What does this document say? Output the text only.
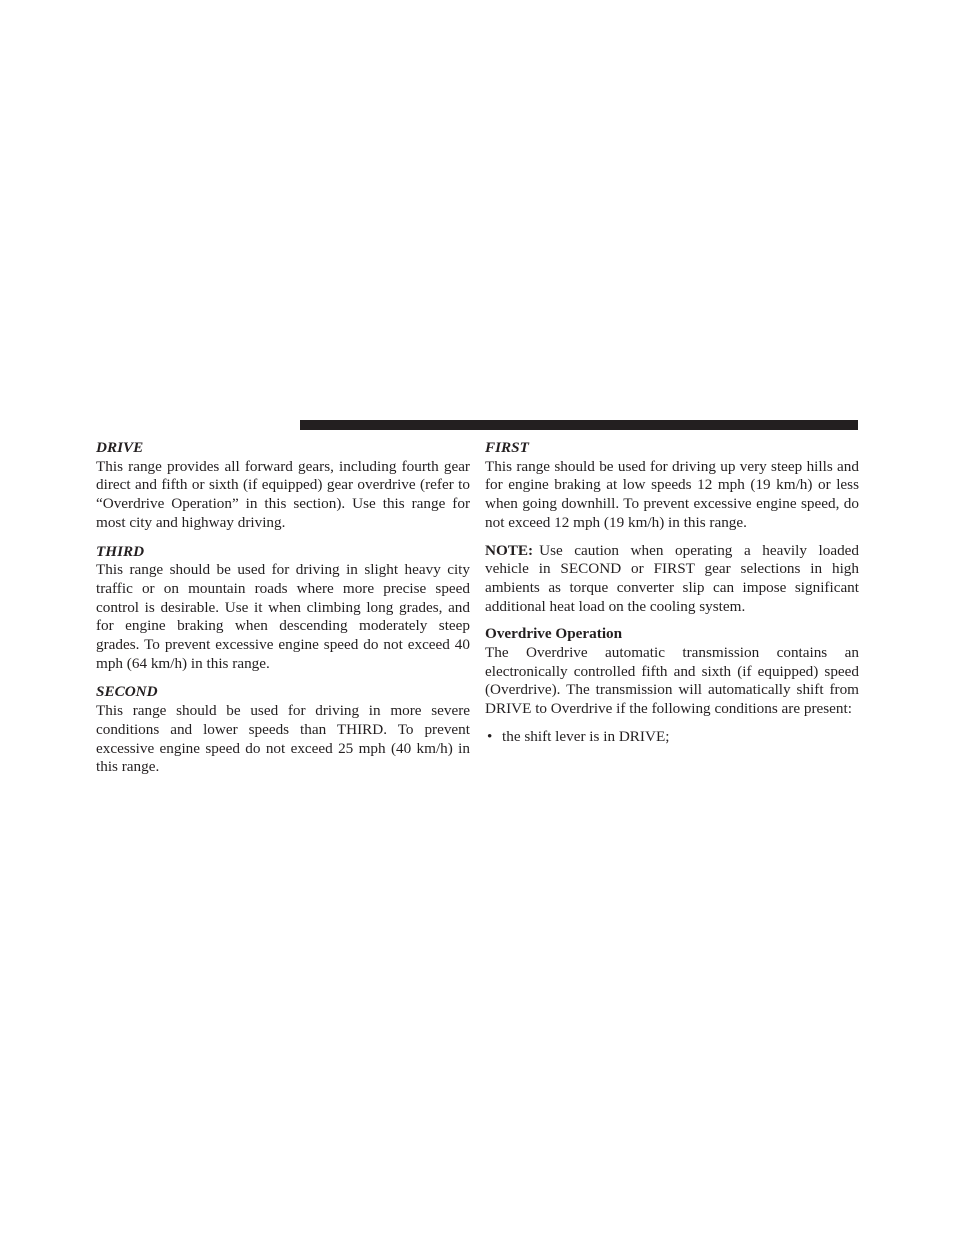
DRIVE

This range provides all forward gears, including fourth gear direct and fifth or sixth (if equipped) gear overdrive (refer to “Overdrive Operation” in this section). Use this range for most city and highway driving.

THIRD

This range should be used for driving in slight heavy city traffic or on mountain roads where more precise speed control is desirable. Use it when climbing long grades, and for engine braking when descending moderately steep grades. To prevent excessive engine speed do not exceed 40 mph (64 km/h) in this range.

SECOND

This range should be used for driving in more severe conditions and lower speeds than THIRD. To prevent excessive engine speed do not exceed 25 mph (40 km/h) in this range.

FIRST

This range should be used for driving up very steep hills and for engine braking at low speeds 12 mph (19 km/h) or less when going downhill. To prevent excessive engine speed, do not exceed 12 mph (19 km/h) in this range.

NOTE: Use caution when operating a heavily loaded vehicle in SECOND or FIRST gear selections in high ambients as torque converter slip can impose significant additional heat load on the cooling system.

Overdrive Operation

The Overdrive automatic transmission contains an electronically controlled fifth and sixth (if equipped) speed (Overdrive). The transmission will automatically shift from DRIVE to Overdrive if the following conditions are present:

• the shift lever is in DRIVE;
